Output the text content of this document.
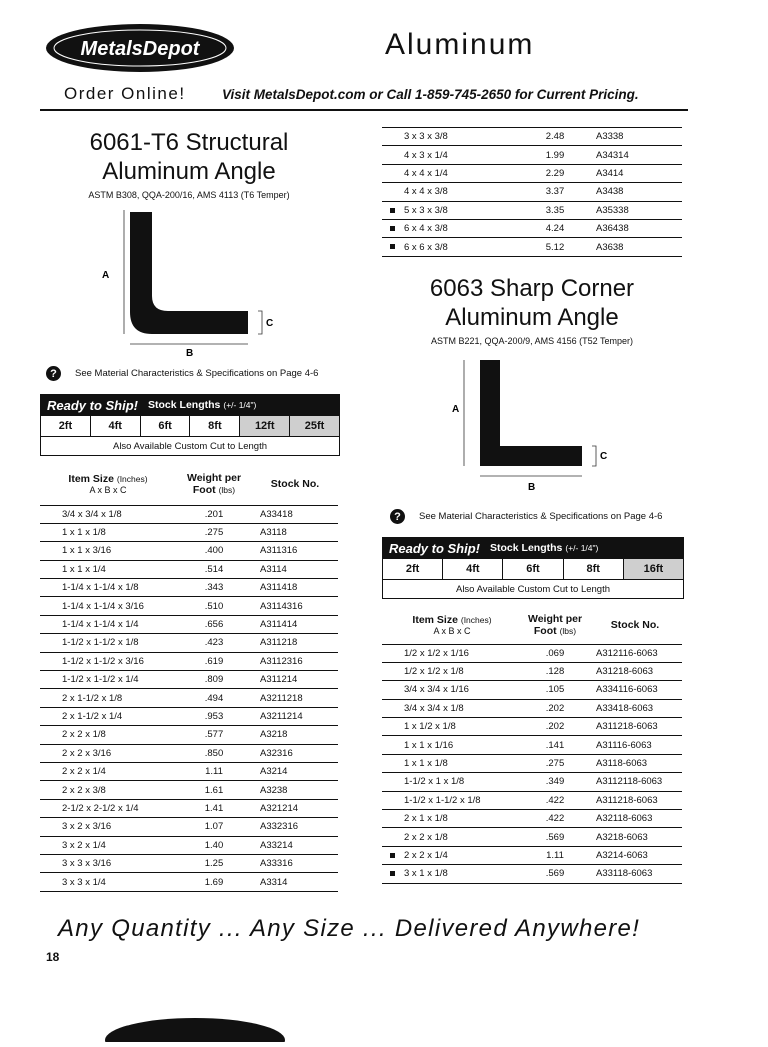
MetalsDepot	Aluminum
Order Online!	Visit MetalsDepot.com or Call 1-859-745-2650 for Current Pricing.
6061-T6 Structural
Aluminum Angle
ASTM B308, QQA-200/16, AMS 4113 (T6 Temper)
A
B
C
?	See Material Characteristics & Specifications on Page 4-6
Ready to Ship! Stock Lengths (+/- 1/4")
2ft	4ft	6ft	8ft	12ft	25ft
Also Available Custom Cut to Length
Item Size (Inches)
A x B x C	Weight per Foot (lbs)	Stock No.
3/4 x 3/4 x 1/8	.201	A33418
1 x 1 x 1/8	.275	A3118
1 x 1 x 3/16	.400	A311316
1 x 1 x 1/4	.514	A3114
1-1/4 x 1-1/4 x 1/8	.343	A311418
1-1/4 x 1-1/4 x 3/16	.510	A3114316
1-1/4 x 1-1/4 x 1/4	.656	A311414
1-1/2 x 1-1/2 x 1/8	.423	A311218
1-1/2 x 1-1/2 x 3/16	.619	A3112316
1-1/2 x 1-1/2 x 1/4	.809	A311214
2 x 1-1/2 x 1/8	.494	A3211218
2 x 1-1/2 x 1/4	.953	A3211214
2 x 2 x 1/8	.577	A3218
2 x 2 x 3/16	.850	A32316
2 x 2 x 1/4	1.11	A3214
2 x 2 x 3/8	1.61	A3238
2-1/2 x 2-1/2 x 1/4	1.41	A321214
3 x 2 x 3/16	1.07	A332316
3 x 2 x 1/4	1.40	A33214
3 x 3 x 3/16	1.25	A33316
3 x 3 x 1/4	1.69	A3314
3 x 3 x 3/8	2.48	A3338
4 x 3 x 1/4	1.99	A34314
4 x 4 x 1/4	2.29	A3414
4 x 4 x 3/8	3.37	A3438

5 x 3 x 3/8	3.35	A35338

6 x 4 x 3/8	4.24	A36438

6 x 6 x 3/8	5.12	A3638
6063 Sharp Corner
Aluminum Angle
ASTM B221, QQA-200/9, AMS 4156 (T52 Temper)
A
B
C
?	See Material Characteristics & Specifications on Page 4-6
Ready to Ship! Stock Lengths (+/- 1/4")
2ft	4ft	6ft	8ft	16ft
Also Available Custom Cut to Length
Item Size (Inches)
A x B x C	Weight per Foot (lbs)	Stock No.
1/2 x 1/2 x 1/16	.069	A312116-6063
1/2 x 1/2 x 1/8	.128	A31218-6063
3/4 x 3/4 x 1/16	.105	A334116-6063
3/4 x 3/4 x 1/8	.202	A33418-6063
1 x 1/2 x 1/8	.202	A311218-6063
1 x 1 x 1/16	.141	A31116-6063
1 x 1 x 1/8	.275	A3118-6063
1-1/2 x 1 x 1/8	.349	A3112118-6063
1-1/2 x 1-1/2 x 1/8	.422	A311218-6063
2 x 1 x 1/8	.422	A32118-6063
2 x 2 x 1/8	.569	A3218-6063

2 x 2 x 1/4	1.11	A3214-6063

3 x 1 x 1/8	.569	A33118-6063
Any Quantity ... Any Size ... Delivered Anywhere!
18
